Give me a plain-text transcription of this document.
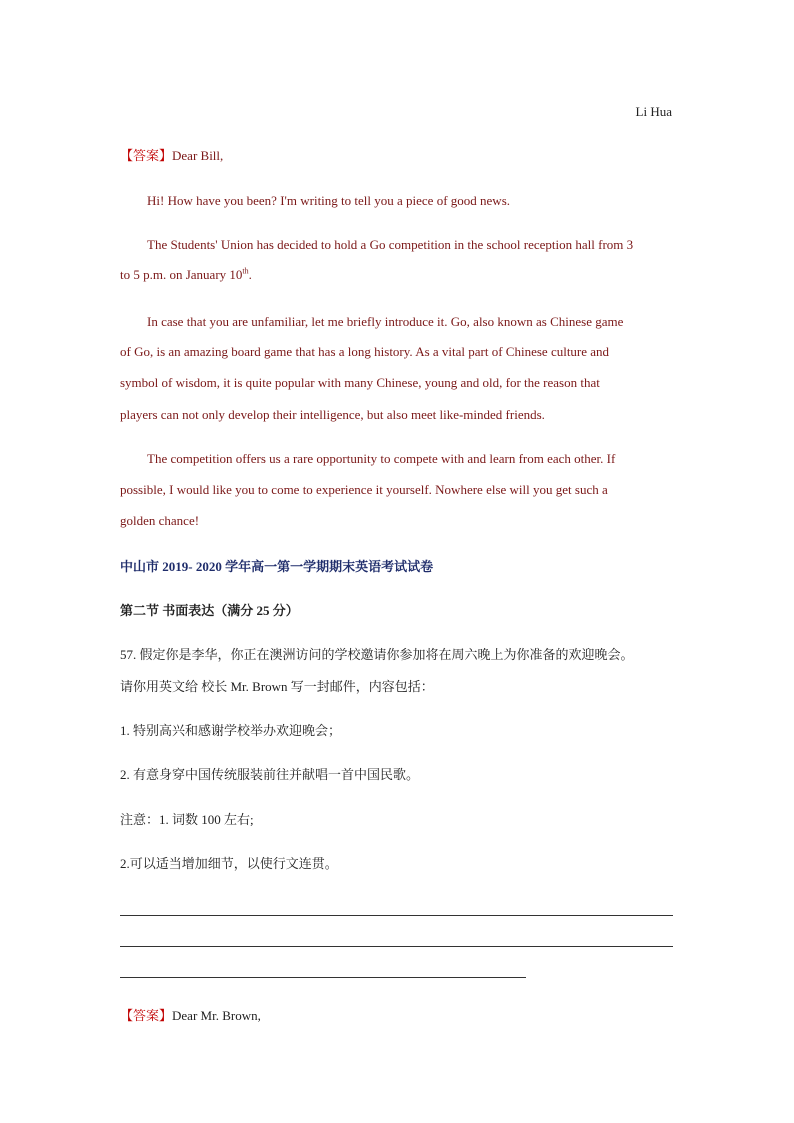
Li Hua
【答案】Dear Bill,
Hi! How have you been? I'm writing to tell you a piece of good news.
The Students' Union has decided to hold a Go competition in the school reception hall from 3
to 5 p.m. on January 10th.
In case that you are unfamiliar, let me briefly introduce it. Go, also known as Chinese game
of Go, is an amazing board game that has a long history. As a vital part of Chinese culture and
symbol of wisdom, it is quite popular with many Chinese, young and old, for the reason that
players can not only develop their intelligence, but also meet like-minded friends.
The competition offers us a rare opportunity to compete with and learn from each other. If
possible, I would like you to come to experience it yourself. Nowhere else will you get such a
golden chance!
中山市 2019- 2020 学年高一第一学期期末英语考试试卷
第二节 书面表达（满分 25 分）
57. 假定你是李华，你正在澳洲访问的学校邀请你参加将在周六晚上为你准备的欢迎晚会。
请你用英文给 校长 Mr. Brown 写一封邮件，内容包括：
1. 特别高兴和感谢学校举办欢迎晚会；
2. 有意身穿中国传统服装前往并献唱一首中国民歌。
注意：1. 词数 100 左右;
2.可以适当增加细节，以使行文连贯。
【答案】Dear Mr. Brown,
